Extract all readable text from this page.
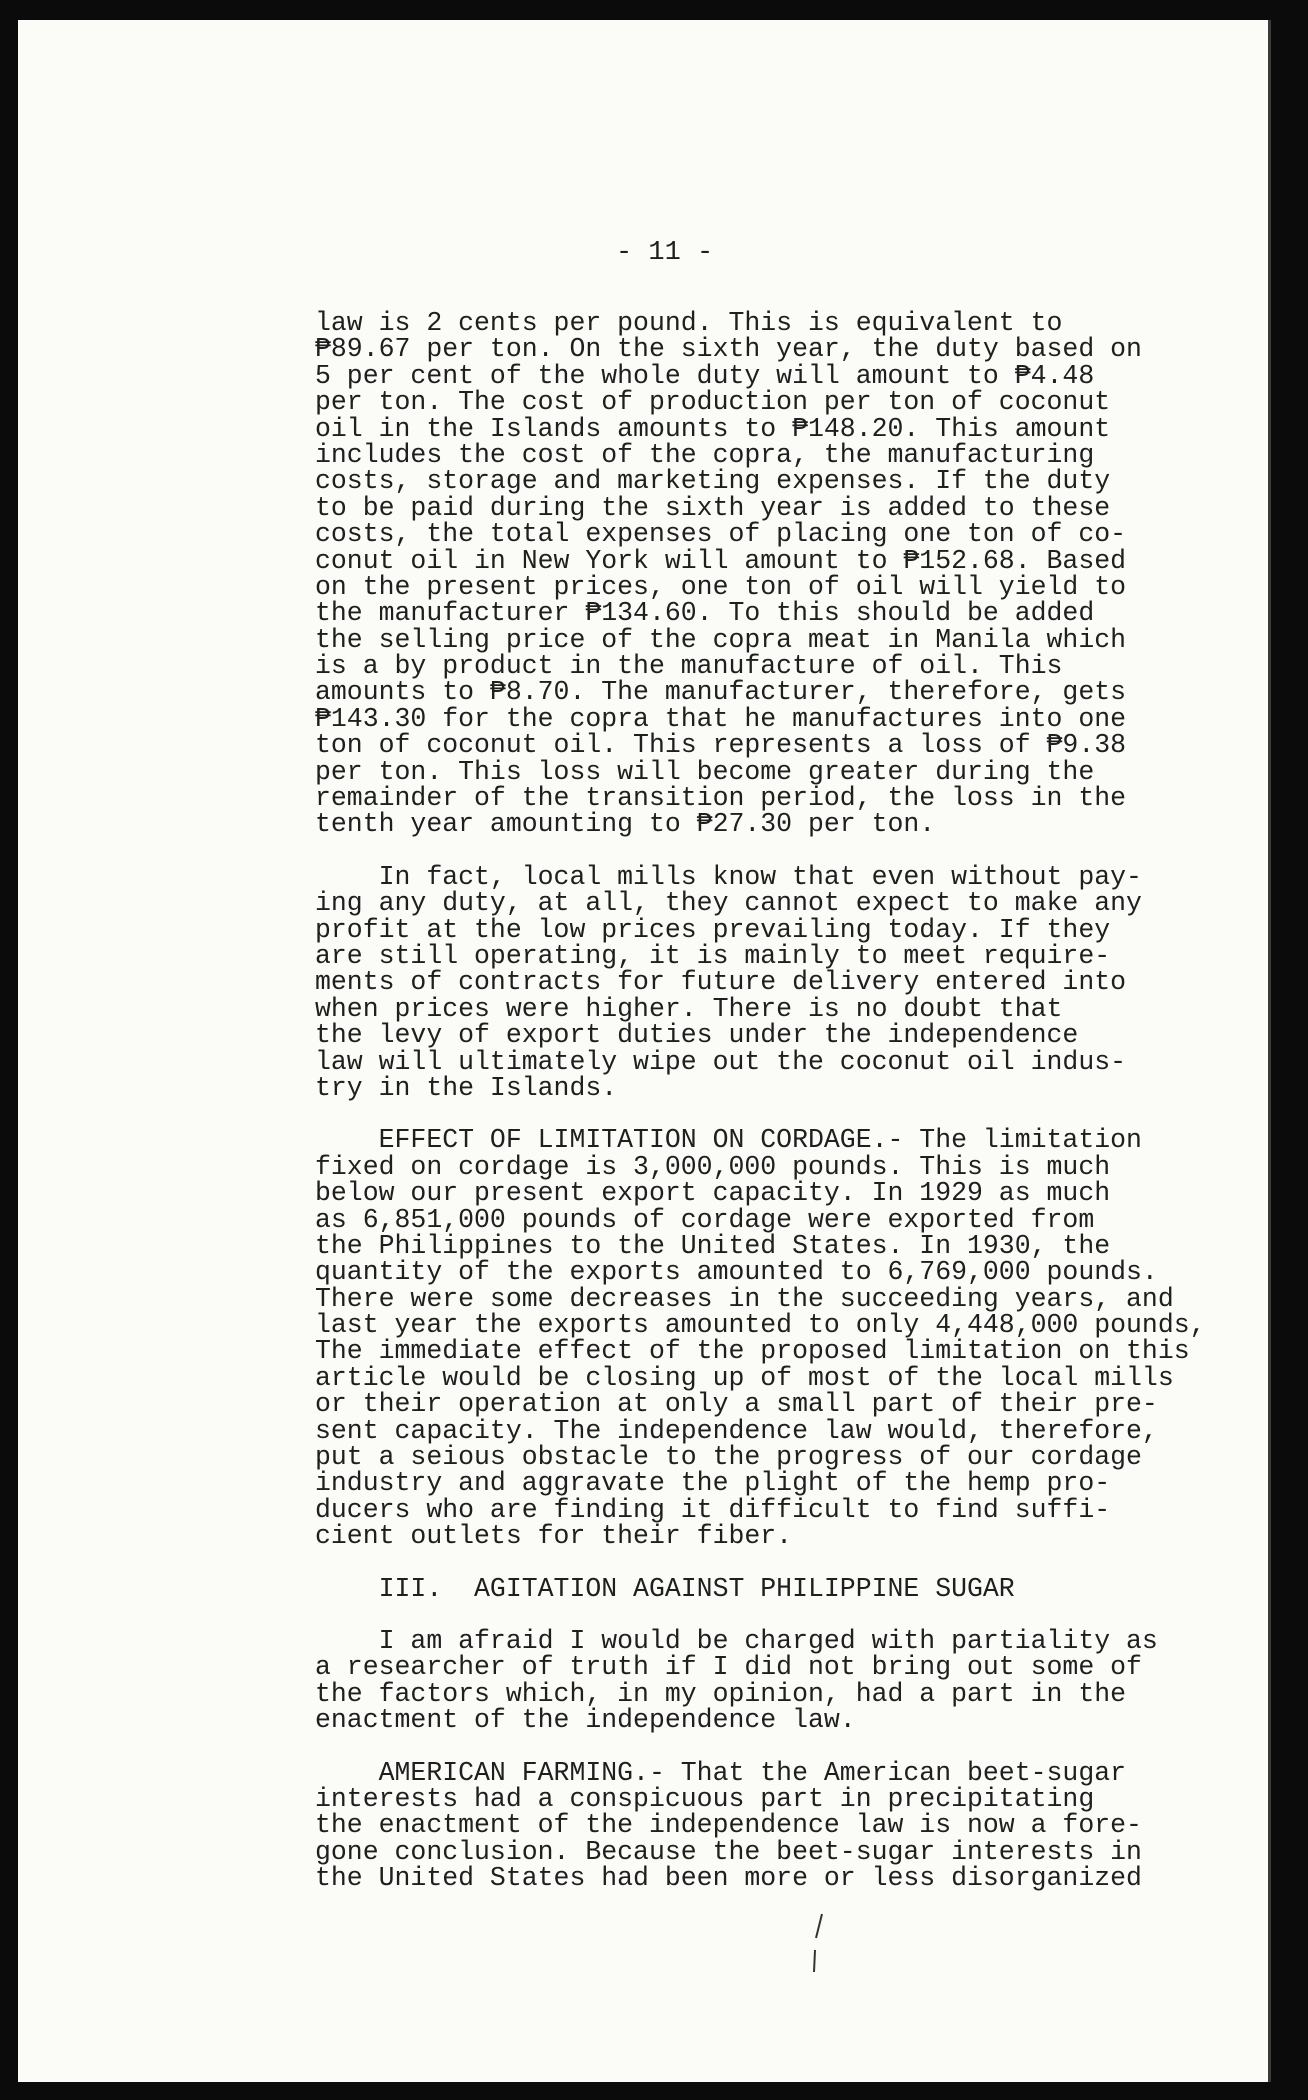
- 11 -
law is 2 cents per pound. This is equivalent to
₱89.67 per ton. On the sixth year, the duty based on
5 per cent of the whole duty will amount to ₱4.48
per ton. The cost of production per ton of coconut
oil in the Islands amounts to ₱148.20. This amount
includes the cost of the copra, the manufacturing
costs, storage and marketing expenses. If the duty
to be paid during the sixth year is added to these
costs, the total expenses of placing one ton of co-
conut oil in New York will amount to ₱152.68. Based
on the present prices, one ton of oil will yield to
the manufacturer ₱134.60. To this should be added
the selling price of the copra meat in Manila which
is a by product in the manufacture of oil. This
amounts to ₱8.70. The manufacturer, therefore, gets
₱143.30 for the copra that he manufactures into one
ton of coconut oil. This represents a loss of ₱9.38
per ton. This loss will become greater during the
remainder of the transition period, the loss in the
tenth year amounting to ₱27.30 per ton.
In fact, local mills know that even without pay-
ing any duty, at all, they cannot expect to make any
profit at the low prices prevailing today. If they
are still operating, it is mainly to meet require-
ments of contracts for future delivery entered into
when prices were higher. There is no doubt that
the levy of export duties under the independence
law will ultimately wipe out the coconut oil indus-
try in the Islands.
EFFECT OF LIMITATION ON CORDAGE.- The limitation
fixed on cordage is 3,000,000 pounds. This is much
below our present export capacity. In 1929 as much
as 6,851,000 pounds of cordage were exported from
the Philippines to the United States. In 1930, the
quantity of the exports amounted to 6,769,000 pounds.
There were some decreases in the succeeding years, and
last year the exports amounted to only 4,448,000 pounds,
The immediate effect of the proposed limitation on this
article would be closing up of most of the local mills
or their operation at only a small part of their pre-
sent capacity. The independence law would, therefore,
put a seious obstacle to the progress of our cordage
industry and aggravate the plight of the hemp pro-
ducers who are finding it difficult to find suffi-
cient outlets for their fiber.
III.  AGITATION AGAINST PHILIPPINE SUGAR
I am afraid I would be charged with partiality as
a researcher of truth if I did not bring out some of
the factors which, in my opinion, had a part in the
enactment of the independence law.
AMERICAN FARMING.- That the American beet-sugar
interests had a conspicuous part in precipitating
the enactment of the independence law is now a fore-
gone conclusion. Because the beet-sugar interests in
the United States had been more or less disorganized
